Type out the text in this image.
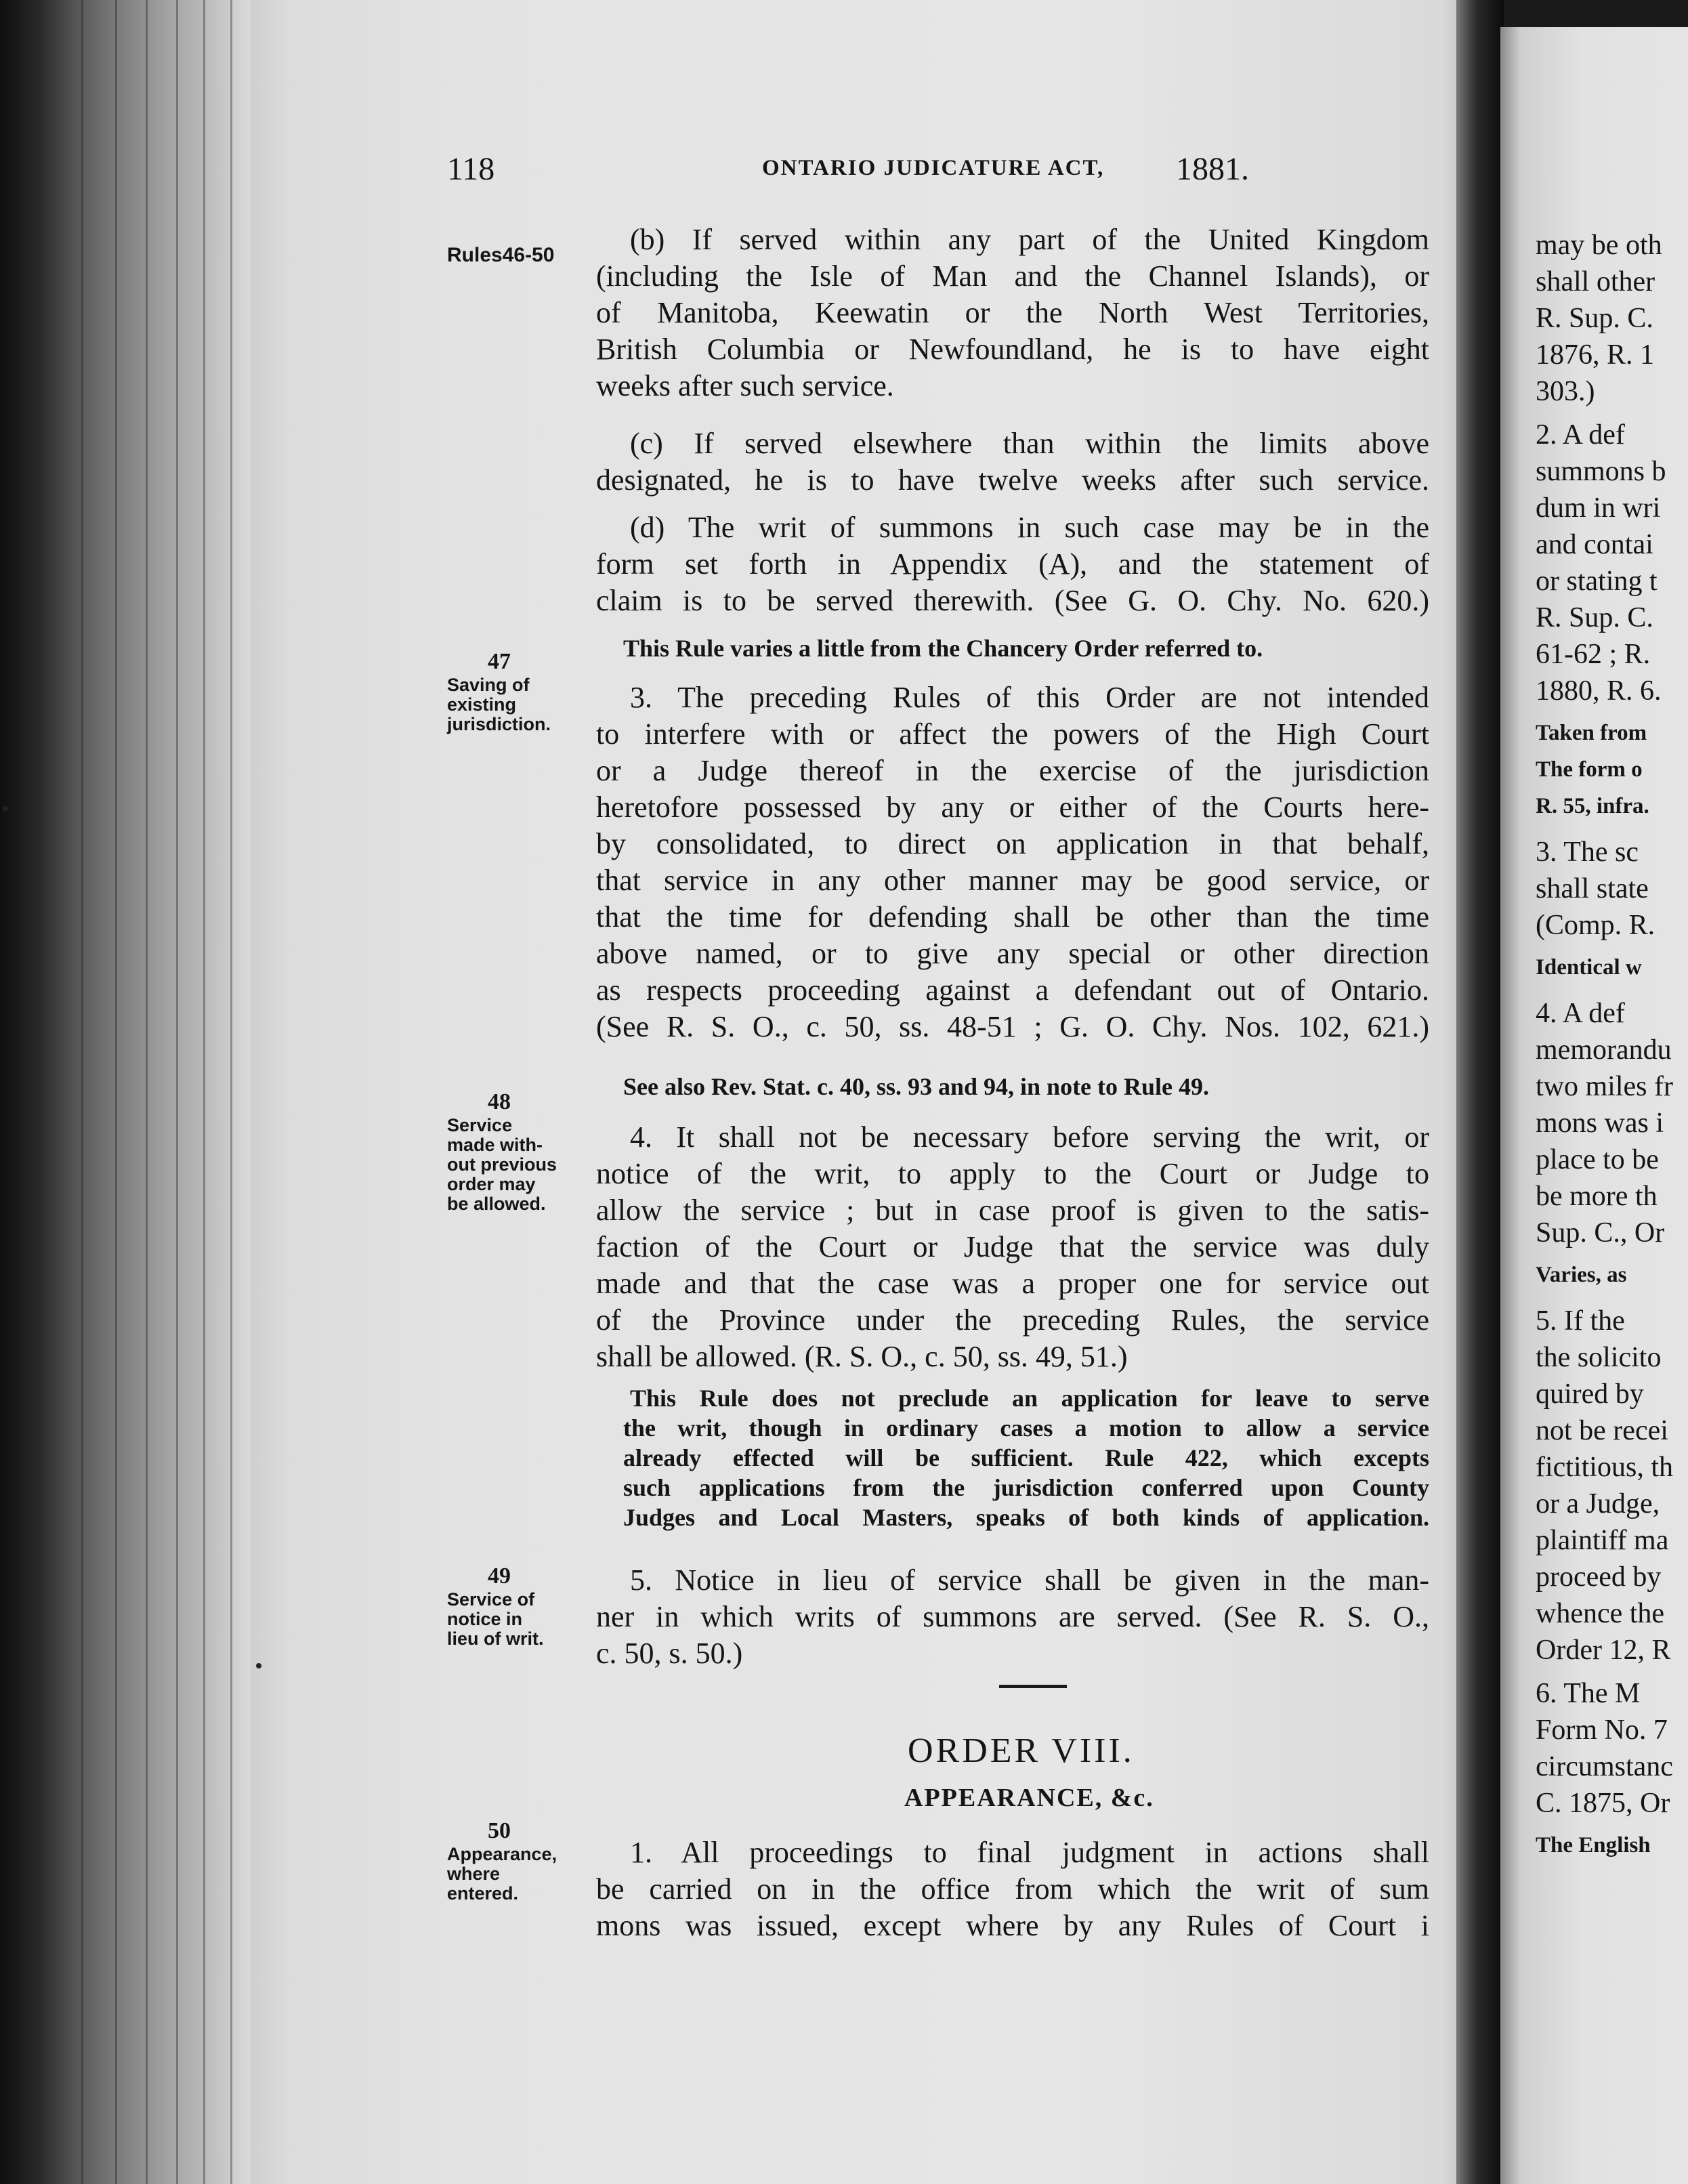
118	ONTARIO JUDICATURE ACT, 1881.
Rules46-50
47
Saving of
existing
jurisdiction.
48
Service
made with-
out previous
order may
be allowed.
49
Service of
notice in
lieu of writ.
50
Appearance,
where
entered.
(b) If served within any part of the United Kingdom
(including the Isle of Man and the Channel Islands), or
of Manitoba, Keewatin or the North West Territories,
British Columbia or Newfoundland, he is to have eight
weeks after such service.
(c) If served elsewhere than within the limits above
designated, he is to have twelve weeks after such service.
(d) The writ of summons in such case may be in the
form set forth in Appendix (A), and the statement of
claim is to be served therewith. (See G. O. Chy. No. 620.)
This Rule varies a little from the Chancery Order referred to.
3. The preceding Rules of this Order are not intended
to interfere with or affect the powers of the High Court
or a Judge thereof in the exercise of the jurisdiction
heretofore possessed by any or either of the Courts here-
by consolidated, to direct on application in that behalf,
that service in any other manner may be good service, or
that the time for defending shall be other than the time
above named, or to give any special or other direction
as respects proceeding against a defendant out of Ontario.
(See R. S. O., c. 50, ss. 48-51 ; G. O. Chy. Nos. 102, 621.)
See also Rev. Stat. c. 40, ss. 93 and 94, in note to Rule 49.
4. It shall not be necessary before serving the writ, or
notice of the writ, to apply to the Court or Judge to
allow the service ; but in case proof is given to the satis-
faction of the Court or Judge that the service was duly
made and that the case was a proper one for service out
of the Province under the preceding Rules, the service
shall be allowed. (R. S. O., c. 50, ss. 49, 51.)
This Rule does not preclude an application for leave to serve
the writ, though in ordinary cases a motion to allow a service
already effected will be sufficient. Rule 422, which excepts
such applications from the jurisdiction conferred upon County
Judges and Local Masters, speaks of both kinds of application.
5. Notice in lieu of service shall be given in the man-
ner in which writs of summons are served. (See R. S. O.,
c. 50, s. 50.)
ORDER VIII.
APPEARANCE, &c.
1. All proceedings to final judgment in actions shall
be carried on in the office from which the writ of sum
mons was issued, except where by any Rules of Court i
may be oth
shall other
R. Sup. C.
1876, R. 1
303.)
2. A def
summons b
dum in wri
and contai
or stating t
R. Sup. C.
61-62 ; R.
1880, R. 6.
Taken from
The form o
R. 55, infra.
3. The sc
shall state
(Comp. R.
Identical w
4. A def
memorandu
two miles fr
mons was i
place to be
be more th
Sup. C., Or
Varies, as
5. If the
the solicito
quired by
not be recei
fictitious, th
or a Judge,
plaintiff ma
proceed by
whence the
Order 12, R
6. The M
Form No. 7
circumstanc
C. 1875, Or
The English
